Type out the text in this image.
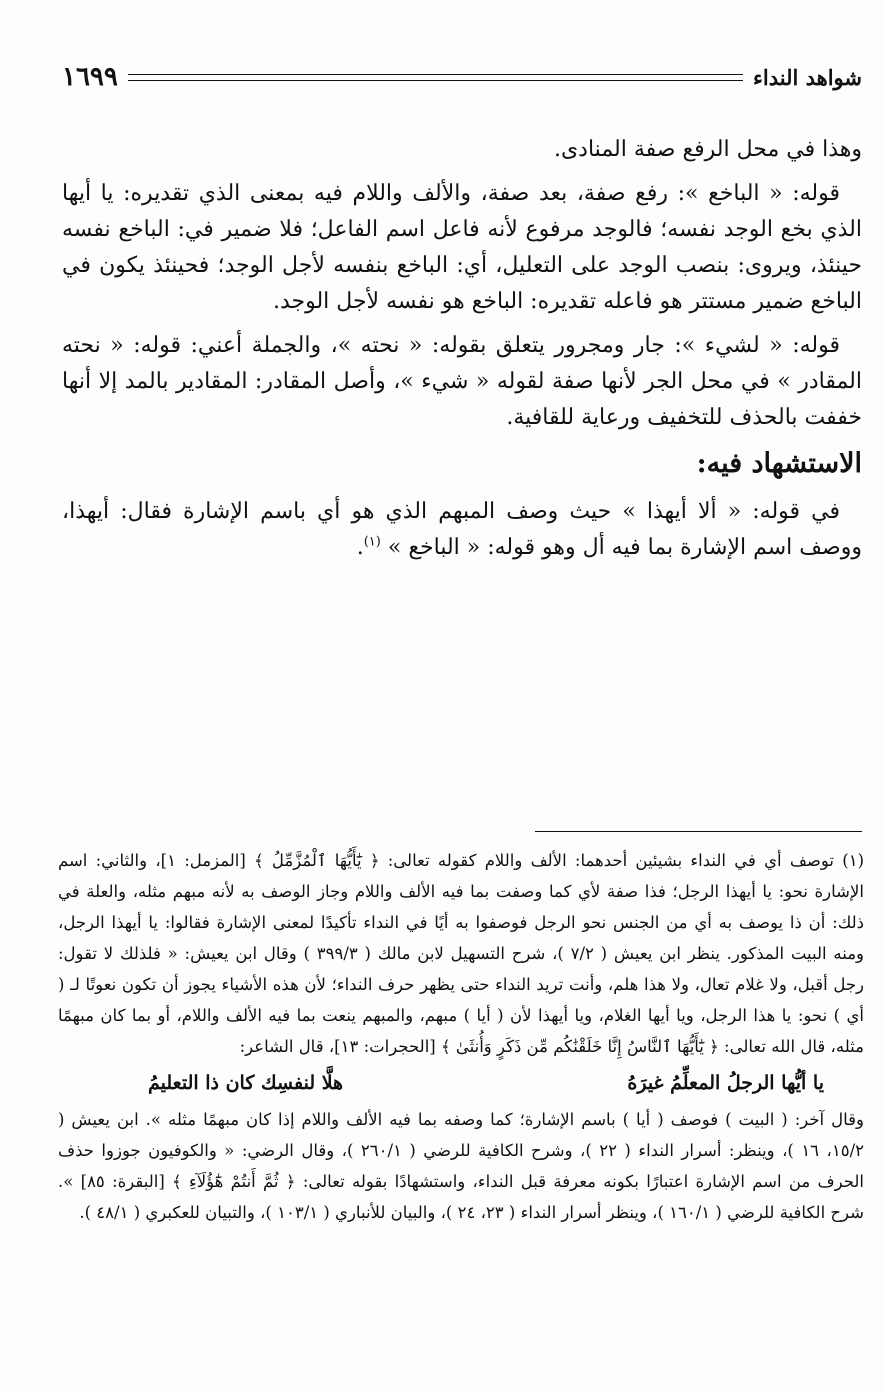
شواهد النداء
١٦٩٩

وهذا في محل الرفع صفة المنادى.

قوله: « الباخع »: رفع صفة، بعد صفة، والألف واللام فيه بمعنى الذي تقديره: يا أيها الذي بخع الوجد نفسه؛ فالوجد مرفوع لأنه فاعل اسم الفاعل؛ فلا ضمير في: الباخع نفسه حينئذ، ويروى: بنصب الوجد على التعليل، أي: الباخع بنفسه لأجل الوجد؛ فحينئذ يكون في الباخع ضمير مستتر هو فاعله تقديره: الباخع هو نفسه لأجل الوجد.

قوله: « لشيء »: جار ومجرور يتعلق بقوله: « نحته »، والجملة أعني: قوله: « نحته المقادر » في محل الجر لأنها صفة لقوله « شيء »، وأصل المقادر: المقادير بالمد إلا أنها خففت بالحذف للتخفيف ورعاية للقافية.

الاستشهاد فيه:

في قوله: « ألا أيهذا » حيث وصف المبهم الذي هو أي باسم الإشارة فقال: أيهذا، ووصف اسم الإشارة بما فيه أل وهو قوله: « الباخع » $^{(١)}$.

(١) توصف أي في النداء بشيئين أحدهما: الألف واللام كقوله تعالى: ﴿ يَٰٓأَيُّهَا ٱلْمُزَّمِّلُ ﴾ [المزمل: ١]، والثاني: اسم الإشارة نحو: يا أيهذا الرجل؛ فذا صفة لأي كما وصفت بما فيه الألف واللام وجاز الوصف به لأنه مبهم مثله، والعلة في ذلك: أن ذا يوصف به أي من الجنس نحو الرجل فوصفوا به أيًا في النداء تأكيدًا لمعنى الإشارة فقالوا: يا أيهذا الرجل، ومنه البيت المذكور. ينظر ابن يعيش ( ٧/٢ )، شرح التسهيل لابن مالك ( ٣٩٩/٣ ) وقال ابن يعيش: « فلذلك لا تقول: رجل أقبل، ولا غلام تعال، ولا هذا هلم، وأنت تريد النداء حتى يظهر حرف النداء؛ لأن هذه الأشياء يجوز أن تكون نعوتًا لـ ( أي ) نحو: يا هذا الرجل، ويا أيها الغلام، ويا أيهذا لأن ( أيا ) مبهم، والمبهم ينعت بما فيه الألف واللام، أو بما كان مبهمًا مثله، قال الله تعالى: ﴿ يَٰٓأَيُّهَا ٱلنَّاسُ إِنَّا خَلَقْنَٰكُم مِّن ذَكَرٍ وَأُنثَىٰ ﴾ [الحجرات: ١٣]، قال الشاعر:

يا أيُّها الرجلُ المعلِّمُ غيرَهُ
هلَّا لنفسِك كان ذا التعليمُ

وقال آخر: ( البيت ) فوصف ( أيا ) باسم الإشارة؛ كما وصفه بما فيه الألف واللام إذا كان مبهمًا مثله ». ابن يعيش ( ١٥/٢، ١٦ )، وينظر: أسرار النداء ( ٢٢ )، وشرح الكافية للرضي ( ٢٦٠/١ )، وقال الرضي: « والكوفيون جوزوا حذف الحرف من اسم الإشارة اعتبارًا بكونه معرفة قبل النداء، واستشهادًا بقوله تعالى: ﴿ ثُمَّ أَنتُمْ هَٰٓؤُلَآءِ ﴾ [البقرة: ٨٥] ». شرح الكافية للرضي ( ١٦٠/١ )، وينظر أسرار النداء ( ٢٣، ٢٤ )، والبيان للأنباري ( ١٠٣/١ )، والتبيان للعكبري ( ٤٨/١ ).
